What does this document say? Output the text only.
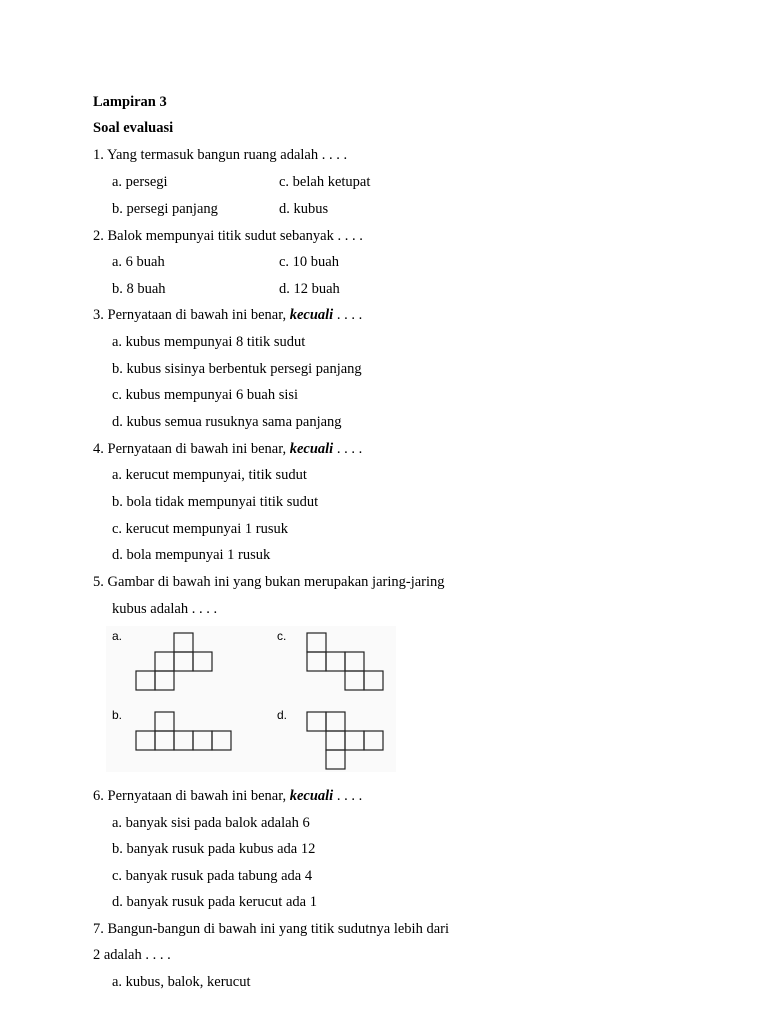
Lampiran 3
Soal evaluasi
1. Yang termasuk bangun ruang adalah . . . .
a. persegi	c. belah ketupat
b. persegi panjang	d. kubus
2. Balok mempunyai titik sudut sebanyak . . . .
a. 6 buah	c. 10 buah
b. 8 buah	d. 12 buah
3. Pernyataan di bawah ini benar, kecuali . . . .
a. kubus mempunyai 8 titik sudut
b. kubus sisinya berbentuk persegi panjang
c. kubus mempunyai 6 buah sisi
d. kubus semua rusuknya sama panjang
4. Pernyataan di bawah ini benar, kecuali . . . .
a. kerucut mempunyai, titik sudut
b. bola tidak mempunyai titik sudut
c. kerucut mempunyai 1 rusuk
d. bola mempunyai 1 rusuk
5. Gambar di bawah ini yang bukan merupakan jaring-jaring
kubus adalah . . . .
a.	c.
b.	d.
6. Pernyataan di bawah ini benar, kecuali . . . .
a. banyak sisi pada balok adalah 6
b. banyak rusuk pada kubus ada 12
c. banyak rusuk pada tabung ada 4
d. banyak rusuk pada kerucut ada 1
7. Bangun-bangun di bawah ini yang titik sudutnya lebih dari
2 adalah . . . .
a. kubus, balok, kerucut
